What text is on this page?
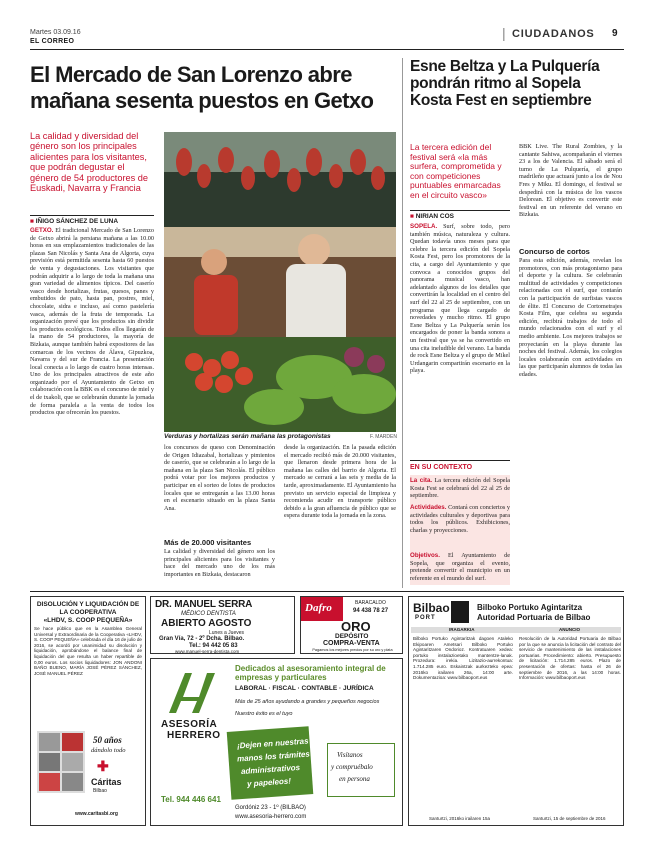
Martes 03.09.16
EL CORREO
| CIUDADANOS 9
El Mercado de San Lorenzo abre
mañana sesenta puestos en Getxo
La calidad y diversidad del género son los principales alicientes para los visitantes, que podrán degustar el género de 54 productores de Euskadi, Navarra y Francia
■ IÑIGO SÁNCHEZ DE LUNA
GETXO. El tradicional Mercado de San Lorenzo de Getxo abrirá la persiana mañana a las 10.00 horas en sus emplazamientos tradicionales de las plazas San Nicolás y Santa Ana de Algorta, cuya previsión está permitida sesenta hasta 60 puestos de venta y degustaciones. Los visitantes que podrán adquirir a lo largo de toda la mañana una gran variedad de alimentos típicos. Del caserío vasco desde hortalizas, frutas, quesos, panes y embutidos de pato, hasta pan, postres, miel, chocolate, sidra e incluso, así como pastelería vasca, además de la fruta de temporada. La organización prevé que los productos sin dividir los productos ecológicos. Todos ellos llegarán de la mano de 54 productores, la mayoría de Bizkaia, aunque también habrá expositores de las comarcas de los vecinos de Álava, Gipuzkoa, Navarra y del sur de Francia. La presentación local conecta a lo largo de cuatro horas intensas. Uno de los principales atractivos de este año organizado por el Ayuntamiento de Getxo en colaboración con la BBK es el concurso de miel y el de txakoli, que se celebrarán durante la jornada de forma paralela a la venta de todos los productos que ofrecerán los puestos.
Verduras y hortalizas serán mañana las protagonistas	F. MARDEN
los concursos de queso con Denominación de Origen Idiazabal, hortalizas y pimientos de caserío, que se celebrarán a lo largo de la mañana en la plaza San Nicolás. El público podrá votar por los mejores productos y participar en el sorteo de lotes de productos locales que se entregarán a las 13.00 horas en el escenario situado en la plaza Santa Ana.
Más de 20.000 visitantes
La calidad y diversidad del género son los principales alicientes para los visitantes y hace del mercado uno de los más importantes en Bizkaia, destacaron
desde la organización. En la pasada edición el mercado recibió más de 20.000 visitantes, que llenaron desde primera hora de la mañana las calles del barrio de Algorta. El mercado se cerrará a las seis y media de la tarde, aproximadamente. El Ayuntamiento ha previsto un servicio especial de limpieza y recomienda acudir en transporte público debido a la gran afluencia de público que se espera durante toda la jornada en la zona.
Esne Beltza y La Pulquería pondrán ritmo al Sopela Kosta Fest en septiembre
La tercera edición del festival será «la más surfera, comprometida y con competiciones puntuables enmarcadas en el circuito vasco»
■ NIRIAN COS
SOPELA. Surf, sobre todo, pero también música, naturaleza y cultura. Quedan todavía unos meses para que celebre la tercera edición del Sopela Kosta Fest, pero los promotores de la cita, a cargo del Ayuntamiento y que convoca a conocidos grupos del panorama musical vasco, han adelantado algunos de los detalles que convertirán la localidad en el centro del surf del 22 al 25 de septiembre, con un programa que llega cargado de novedades y mucho ritmo. El grupo Esne Beltza y La Pulquería serán los encargados de poner la banda sonora a un festival que ya se ha convertido en una cita ineludible del verano. La banda de rock Esne Beltza y el grupo de Mikel Urdangarin compartirán escenario en la playa.
EN SU CONTEXTO
La cita. La tercera edición del Sopela Kosta Fest se celebrará del 22 al 25 de septiembre.
Actividades. Contará con conciertos y actividades culturales y deportivas para todos los públicos. Exhibiciones, charlas y proyecciones.
Objetivos. El Ayuntamiento de Sopela, que organiza el evento, pretende convertir el municipio en un referente en el mundo del surf.
BBK Live. The Rural Zombies, y la cantante Sahiwa, acompañarán el viernes 23 a los de Valencia. El sábado será el turno de La Pulquería, el grupo madrileño que actuará junto a los de Nou Fres y Miku. El domingo, el festival se despedirá con la música de los vascos Delorean. El objetivo es convertir este festival en un referente del verano en Bizkaia.
Concurso de cortos
Para esta edición, además, revelan los promotores, con más protagonismo para el deporte y la cultura. Se celebrarán multitud de actividades y competiciones relacionadas con el surf, que contarán con la participación de surfistas vascos de élite. El Concurso de Cortometrajes Kosta Film, que celebra su segunda edición, recibirá trabajos de todo el mundo relacionados con el surf y el medio ambiente. Los mejores trabajos se proyectarán en la playa durante las noches del festival. Además, los colegios locales colaborarán con actividades en las que participarán alumnos de todas las edades.
DISOLUCIÓN Y LIQUIDACIÓN DE LA COOPERATIVA
«LHDV, S. COOP PEQUEÑA»
Se hace público que en la Asamblea General Universal y Extraordinaria de la Cooperativa «LHDV, S. COOP PEQUEÑA» celebrada el día 16 de julio de 2016, se acordó por unanimidad su disolución y liquidación, aprobándose el balance final de liquidación del que resulta un haber repartible de 0,00 euros. Los socios liquidadores: JON ANDONI BAÑO BUENO, MARÍA JOSÉ PÉREZ SÁNCHEZ, JOSÉ MANUEL PÉREZ
50 años
dándolo todo
✚
Cáritas
Bilbao
www.caritasbi.org
DR. MANUEL SERRA
MÉDICO DENTISTA
ABIERTO AGOSTO
Lunes a Jueves
Gran Vía, 72 - 2º Dcha. Bilbao.
Tel.: 94 442 05 83
www.manuel-serra-dentista.com
Dafro	BARACALDO
94 438 78 27
ORO
DEPÓSITO
COMPRA-VENTA
Pagamos los mejores precios por su oro y plata
Dedicados al asesoramiento integral de empresas y particulares
LABORAL · FISCAL · CONTABLE · JURÍDICA
Más de 25 años ayudando a grandes y pequeños negocios
Nuestro éxito es el tuyo
ASESORÍA
HERRERO
¡Dejen en nuestras
manos los trámites
administrativos
y papeleos!
Visítanos
y compruébalo
en persona
Tel. 944 446 641
Gordóniz 23 - 1º (BILBAO)
www.asesoria-herrero.com
Bilbao
PORT
Bilboko Portuko Agintaritza
Autoridad Portuaria de Bilbao
IRAGARKIA	ANUNCIO
Bilboko Portuko Agintaritzak dagoen Ataleko Ekipoaren Ametsari Bilboko Portuko Agintaritzaren Ondorioz. Kontratuaren xedea: portuko instalazioetako mantentze-lanak. Prozedura: irekia. Lizitazio-aurrekontua: 1.714.285 euro. Eskaintzak aurkezteko epea: 2016ko irailaren 26a, 14:00 arte. Dokumentazioa: www.bilbaoport.eus
Resolución de la Autoridad Portuaria de Bilbao por la que se anuncia la licitación del contrato del servicio de mantenimiento de las instalaciones portuarias. Procedimiento: abierto. Presupuesto de licitación: 1.714.285 euros. Plazo de presentación de ofertas: hasta el 26 de septiembre de 2016, a las 14:00 horas. Información: www.bilbaoport.eus
Santurtzi, 2016ko irailaren 15a	Santurtzi, 15 de septiembre de 2016
